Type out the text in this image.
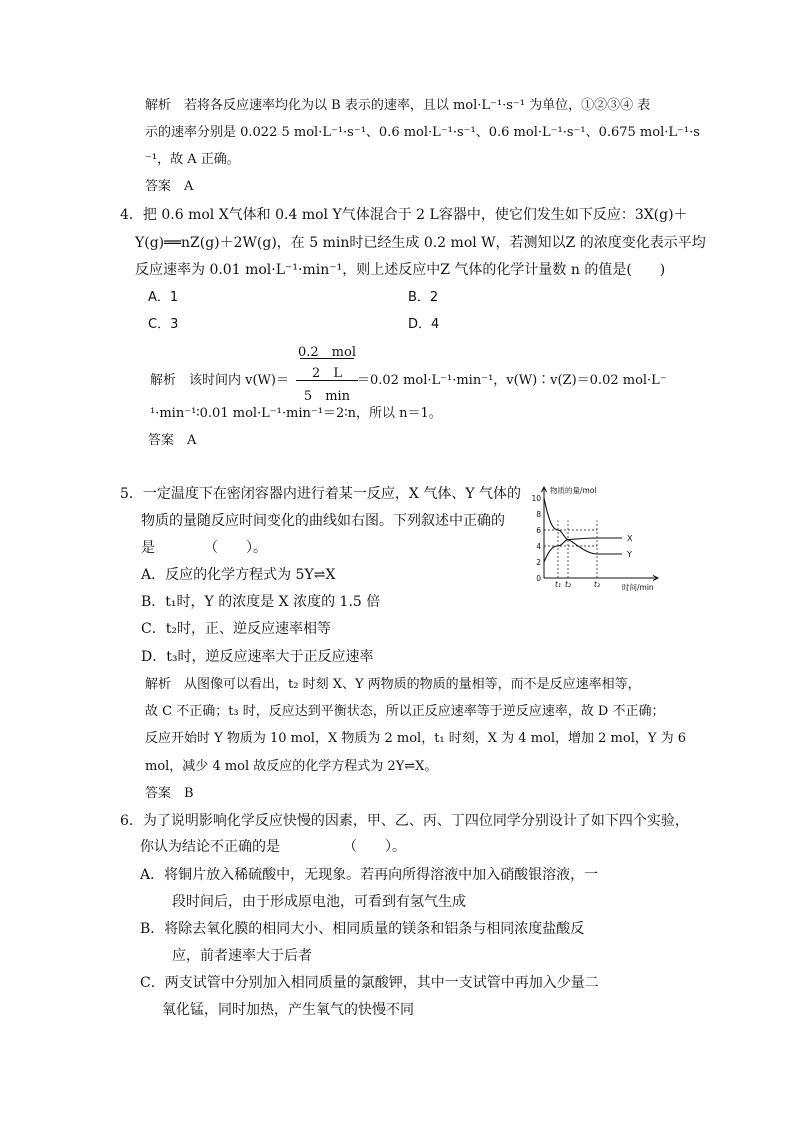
解析　若将各反应速率均化为以 B 表示的速率，且以 mol·L⁻¹·s⁻¹ 为单位，①②③④ 表
示的速率分别是 0.022 5 mol·L⁻¹·s⁻¹、0.6 mol·L⁻¹·s⁻¹、0.6 mol·L⁻¹·s⁻¹、0.675 mol·L⁻¹·s
⁻¹，故 A 正确。
答案　A
4．把 0.6 mol X气体和 0.4 mol Y气体混合于 2 L容器中，使它们发生如下反应：3X(g)＋
Y(g)══nZ(g)＋2W(g)，在 5 min时已经生成 0.2 mol W，若测知以Z 的浓度变化表示平均
反应速率为 0.01 mol·L⁻¹·min⁻¹，则上述反应中Z 气体的化学计量数 n 的值是(　　)
A．1	B．2
C．3	D．4
解析　该时间内 v(W)＝
0.2　mol
2　L
5　min
＝0.02 mol·L⁻¹·min⁻¹，v(W)∶v(Z)＝0.02 mol·L⁻
¹·min⁻¹∶0.01 mol·L⁻¹·min⁻¹＝2∶n，所以 n＝1。
答案　A
5．一定温度下在密闭容器内进行着某一反应，X 气体、Y 气体的
物质的量随反应时间变化的曲线如右图。下列叙述中正确的
是　　　　（　　）。
A．反应的化学方程式为 5Y⇌X
B．t₁时，Y 的浓度是 X 浓度的 1.5 倍
C．t₂时，正、逆反应速率相等
D．t₃时，逆反应速率大于正反应速率
解析　从图像可以看出，t₂ 时刻 X、Y 两物质的物质的量相等，而不是反应速率相等，
故 C 不正确；t₃ 时，反应达到平衡状态，所以正反应速率等于逆反应速率，故 D 不正确；
反应开始时 Y 物质为 10 mol，X 物质为 2 mol，t₁ 时刻，X 为 4 mol，增加 2 mol，Y 为 6
mol，减少 4 mol 故反应的化学方程式为 2Y⇌X。
答案　B
物质的量/mol
时间/min
0
2
4
6
8
10
t₁ t₂	t₃
X
Y
6．为了说明影响化学反应快慢的因素，甲、乙、丙、丁四位同学分别设计了如下四个实验，
你认为结论不正确的是　　　　　（　　）。
A．将铜片放入稀硫酸中，无现象。若再向所得溶液中加入硝酸银溶液，一
段时间后，由于形成原电池，可看到有氢气生成
B．将除去氧化膜的相同大小、相同质量的镁条和铝条与相同浓度盐酸反
应，前者速率大于后者
C．两支试管中分别加入相同质量的氯酸钾，其中一支试管中再加入少量二
氧化锰，同时加热，产生氧气的快慢不同
